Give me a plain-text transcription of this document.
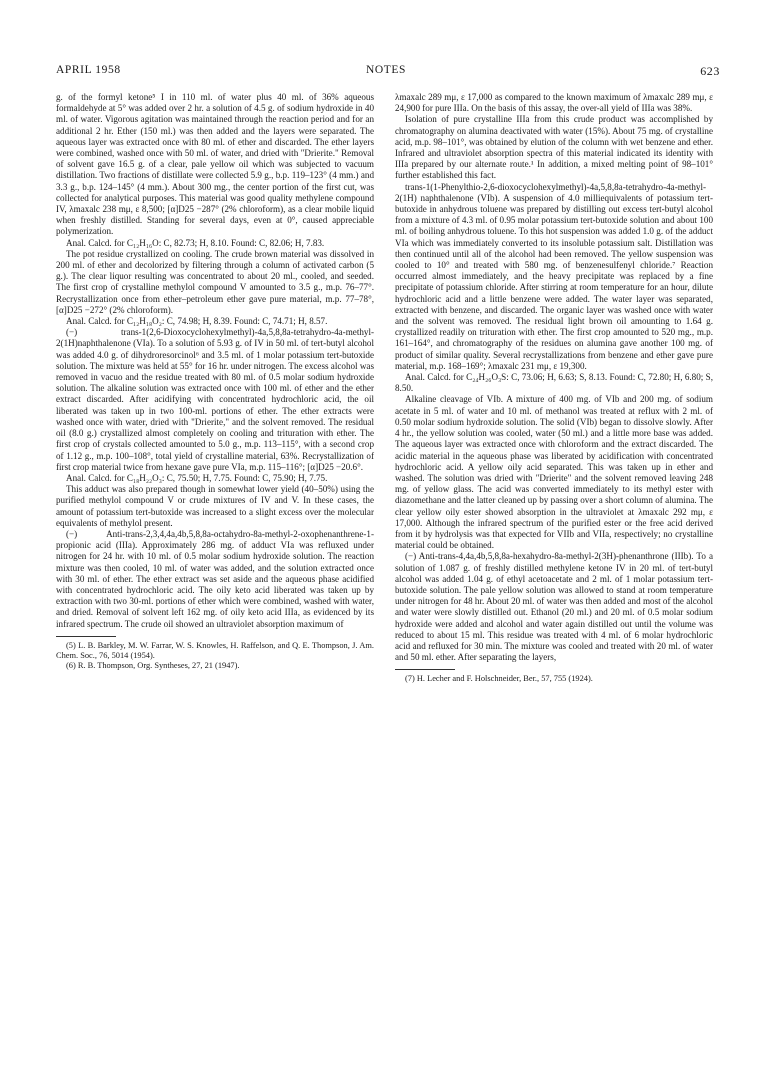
APRIL 1958	NOTES	623

g. of the formyl ketone⁵ I in 110 ml. of water plus 40 ml. of 36% aqueous formaldehyde at 5° was added over 2 hr. a solution of 4.5 g. of sodium hydroxide in 40 ml. of water. Vigorous agitation was maintained through the reaction period and for an additional 2 hr. Ether (150 ml.) was then added and the layers were separated. The aqueous layer was extracted once with 80 ml. of ether and discarded. The ether layers were combined, washed once with 50 ml. of water, and dried with "Drierite." Removal of solvent gave 16.5 g. of a clear, pale yellow oil which was subjected to vacuum distillation. Two fractions of distillate were collected 5.9 g., b.p. 119–123° (4 mm.) and 3.3 g., b.p. 124–145° (4 mm.). About 300 mg., the center portion of the first cut, was collected for analytical purposes. This material was good quality methylene compound IV, λmaxalc 238 mμ, ε 8,500; [α]D25 −287° (2% chloroform), as a clear mobile liquid when freshly distilled. Standing for several days, even at 0°, caused appreciable polymerization.

Anal. Calcd. for C₁₂H₁₆O: C, 82.73; H, 8.10. Found: C, 82.06; H, 7.83.

The pot residue crystallized on cooling. The crude brown material was dissolved in 200 ml. of ether and decolorized by filtering through a column of activated carbon (5 g.). The clear liquor resulting was concentrated to about 20 ml., cooled, and seeded. The first crop of crystalline methylol compound V amounted to 3.5 g., m.p. 76–77°. Recrystallization once from ether–petroleum ether gave pure material, m.p. 77–78°, [α]D25 −272° (2% chloroform).

Anal. Calcd. for C₁₂H₁₈O₂: C, 74.98; H, 8.39. Found: C, 74.71; H, 8.57.

(−) trans-1(2,6-Dioxocyclohexylmethyl)-4a,5,8,8a-tetrahydro-4a-methyl-2(1H)naphthalenone (VIa). To a solution of 5.93 g. of IV in 50 ml. of tert-butyl alcohol was added 4.0 g. of dihydroresorcinol⁶ and 3.5 ml. of 1 molar potassium tert-butoxide solution. The mixture was held at 55° for 16 hr. under nitrogen. The excess alcohol was removed in vacuo and the residue treated with 80 ml. of 0.5 molar sodium hydroxide solution. The alkaline solution was extracted once with 100 ml. of ether and the ether extract discarded. After acidifying with concentrated hydrochloric acid, the oil liberated was taken up in two 100-ml. portions of ether. The ether extracts were washed once with water, dried with "Drierite," and the solvent removed. The residual oil (8.0 g.) crystallized almost completely on cooling and trituration with ether. The first crop of crystals collected amounted to 5.0 g., m.p. 113–115°, with a second crop of 1.12 g., m.p. 100–108°, total yield of crystalline material, 63%. Recrystallization of first crop material twice from hexane gave pure VIa, m.p. 115–116°; [α]D25 −20.6°.

Anal. Calcd. for C₁₈H₂₂O₃: C, 75.50; H, 7.75. Found: C, 75.90; H, 7.75.

This adduct was also prepared though in somewhat lower yield (40–50%) using the purified methylol compound V or crude mixtures of IV and V. In these cases, the amount of potassium tert-butoxide was increased to a slight excess over the molecular equivalents of methylol present.

(−) Anti-trans-2,3,4,4a,4b,5,8,8a-octahydro-8a-methyl-2-oxophenanthrene-1-propionic acid (IIIa). Approximately 286 mg. of adduct VIa was refluxed under nitrogen for 24 hr. with 10 ml. of 0.5 molar sodium hydroxide solution. The reaction mixture was then cooled, 10 ml. of water was added, and the solution extracted once with 30 ml. of ether. The ether extract was set aside and the aqueous phase acidified with concentrated hydrochloric acid. The oily keto acid liberated was taken up by extraction with two 30-ml. portions of ether which were combined, washed with water, and dried. Removal of solvent left 162 mg. of oily keto acid IIIa, as evidenced by its infrared spectrum. The crude oil showed an ultraviolet absorption maximum of

(5) L. B. Barkley, M. W. Farrar, W. S. Knowles, H. Raffelson, and Q. E. Thompson, J. Am. Chem. Soc., 76, 5014 (1954).

(6) R. B. Thompson, Org. Syntheses, 27, 21 (1947).

λmaxalc 289 mμ, ε 17,000 as compared to the known maximum of λmaxalc 289 mμ, ε 24,900 for pure IIIa. On the basis of this assay, the over-all yield of IIIa was 38%.

Isolation of pure crystalline IIIa from this crude product was accomplished by chromatography on alumina deactivated with water (15%). About 75 mg. of crystalline acid, m.p. 98–101°, was obtained by elution of the column with wet benzene and ether. Infrared and ultraviolet absorption spectra of this material indicated its identity with IIIa prepared by our alternate route.¹ In addition, a mixed melting point of 98–101° further established this fact.

trans-1(1-Phenylthio-2,6-dioxocyclohexylmethyl)-4a,5,8,8a-tetrahydro-4a-methyl-2(1H) naphthalenone (VIb). A suspension of 4.0 milliequivalents of potassium tert-butoxide in anhydrous toluene was prepared by distilling out excess tert-butyl alcohol from a mixture of 4.3 ml. of 0.95 molar potassium tert-butoxide solution and about 100 ml. of boiling anhydrous toluene. To this hot suspension was added 1.0 g. of the adduct VIa which was immediately converted to its insoluble potassium salt. Distillation was then continued until all of the alcohol had been removed. The yellow suspension was cooled to 10° and treated with 580 mg. of benzenesulfenyl chloride.⁷ Reaction occurred almost immediately, and the heavy precipitate was replaced by a fine precipitate of potassium chloride. After stirring at room temperature for an hour, dilute hydrochloric acid and a little benzene were added. The water layer was separated, extracted with benzene, and discarded. The organic layer was washed once with water and the solvent was removed. The residual light brown oil amounting to 1.64 g. crystallized readily on trituration with ether. The first crop amounted to 520 mg., m.p. 161–164°, and chromatography of the residues on alumina gave another 100 mg. of product of similar quality. Several recrystallizations from benzene and ether gave pure material, m.p. 168–169°; λmaxalc 231 mμ, ε 19,300.

Anal. Calcd. for C₂₄H₂₆O₃S: C, 73.06; H, 6.63; S, 8.13. Found: C, 72.80; H, 6.80; S, 8.50.

Alkaline cleavage of VIb. A mixture of 400 mg. of VIb and 200 mg. of sodium acetate in 5 ml. of water and 10 ml. of methanol was treated at reflux with 2 ml. of 0.50 molar sodium hydroxide solution. The solid (VIb) began to dissolve slowly. After 4 hr., the yellow solution was cooled, water (50 ml.) and a little more base was added. The aqueous layer was extracted once with chloroform and the extract discarded. The acidic material in the aqueous phase was liberated by acidification with concentrated hydrochloric acid. A yellow oily acid separated. This was taken up in ether and washed. The solution was dried with "Drierite" and the solvent removed leaving 248 mg. of yellow glass. The acid was converted immediately to its methyl ester with diazomethane and the latter cleaned up by passing over a short column of alumina. The clear yellow oily ester showed absorption in the ultraviolet at λmaxalc 292 mμ, ε 17,000. Although the infrared spectrum of the purified ester or the free acid derived from it by hydrolysis was that expected for VIIb and VIIa, respectively; no crystalline material could be obtained.

(−) Anti-trans-4,4a,4b,5,8,8a-hexahydro-8a-methyl-2(3H)-phenanthrone (IIIb). To a solution of 1.087 g. of freshly distilled methylene ketone IV in 20 ml. of tert-butyl alcohol was added 1.04 g. of ethyl acetoacetate and 2 ml. of 1 molar potassium tert-butoxide solution. The pale yellow solution was allowed to stand at room temperature under nitrogen for 48 hr. About 20 ml. of water was then added and most of the alcohol and water were slowly distilled out. Ethanol (20 ml.) and 20 ml. of 0.5 molar sodium hydroxide were added and alcohol and water again distilled out until the volume was reduced to about 15 ml. This residue was treated with 4 ml. of 6 molar hydrochloric acid and refluxed for 30 min. The mixture was cooled and treated with 20 ml. of water and 50 ml. ether. After separating the layers,

(7) H. Lecher and F. Holschneider, Ber., 57, 755 (1924).
